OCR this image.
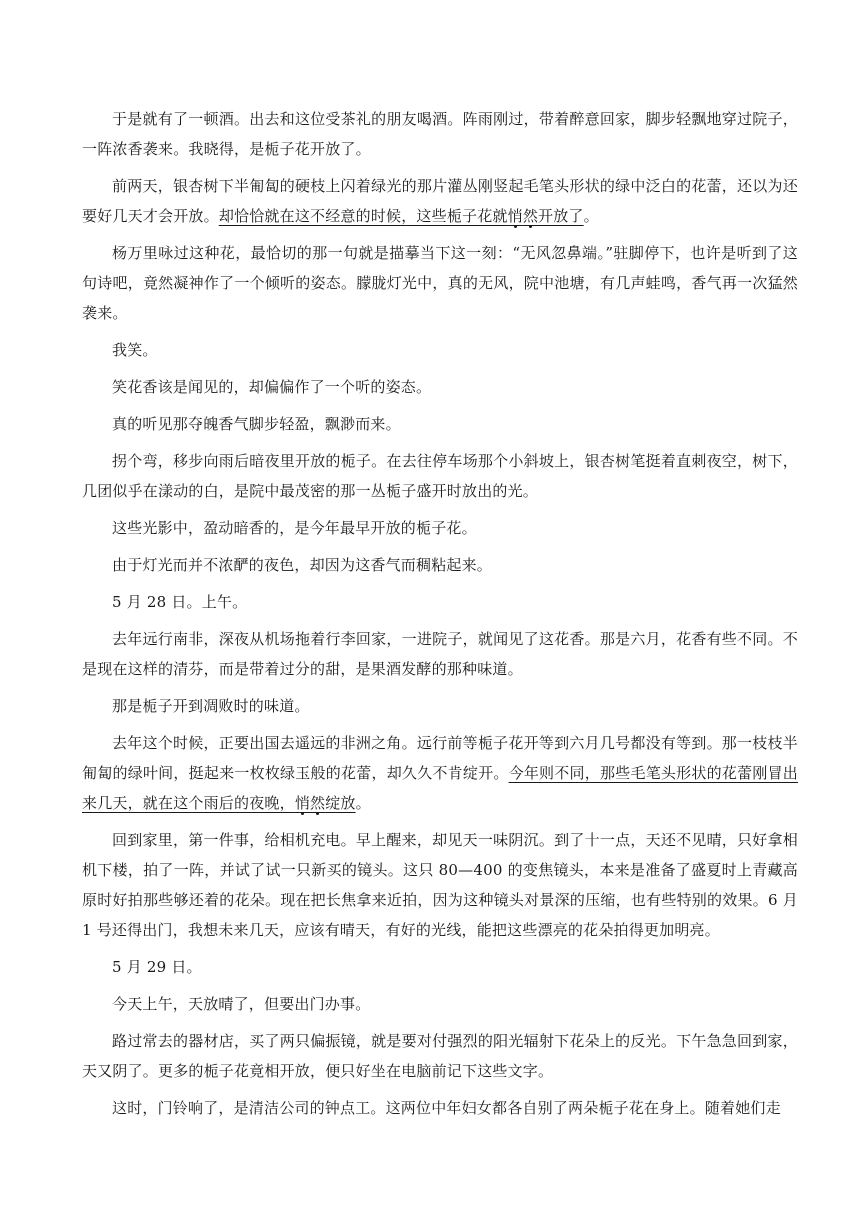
于是就有了一顿酒。出去和这位受茶礼的朋友喝酒。阵雨刚过，带着醉意回家，脚步轻飘地穿过院子，一阵浓香袭来。我晓得，是栀子花开放了。

前两天，银杏树下半匍匐的硬枝上闪着绿光的那片灌丛刚竖起毛笔头形状的绿中泛白的花蕾，还以为还要好几天才会开放。却恰恰就在这不经意的时候，这些栀子花就悄然开放了。

杨万里咏过这种花，最恰切的那一句就是描摹当下这一刻：“无风忽鼻端。”驻脚停下，也许是听到了这句诗吧，竟然凝神作了一个倾听的姿态。朦胧灯光中，真的无风，院中池塘，有几声蛙鸣，香气再一次猛然袭来。

我笑。

笑花香该是闻见的，却偏偏作了一个听的姿态。

真的听见那夺魄香气脚步轻盈，飘渺而来。

拐个弯，移步向雨后暗夜里开放的栀子。在去往停车场那个小斜坡上，银杏树笔挺着直刺夜空，树下，几团似乎在漾动的白，是院中最茂密的那一丛栀子盛开时放出的光。

这些光影中，盈动暗香的，是今年最早开放的栀子花。

由于灯光而并不浓酽的夜色，却因为这香气而稠粘起来。

5 月 28 日。上午。

去年远行南非，深夜从机场拖着行李回家，一进院子，就闻见了这花香。那是六月，花香有些不同。不是现在这样的清芬，而是带着过分的甜，是果酒发酵的那种味道。

那是栀子开到凋败时的味道。

去年这个时候，正要出国去遥远的非洲之角。远行前等栀子花开等到六月几号都没有等到。那一枝枝半匍匐的绿叶间，挺起来一枚枚绿玉般的花蕾，却久久不肯绽开。今年则不同，那些毛笔头形状的花蕾刚冒出来几天，就在这个雨后的夜晚，悄然绽放。

回到家里，第一件事，给相机充电。早上醒来，却见天一味阴沉。到了十一点，天还不见晴，只好拿相机下楼，拍了一阵，并试了试一只新买的镜头。这只 80—400 的变焦镜头，本来是准备了盛夏时上青藏高原时好拍那些够还着的花朵。现在把长焦拿来近拍，因为这种镜头对景深的压缩，也有些特别的效果。6 月 1 号还得出门，我想未来几天，应该有晴天，有好的光线，能把这些漂亮的花朵拍得更加明亮。

5 月 29 日。

今天上午，天放晴了，但要出门办事。

路过常去的器材店，买了两只偏振镜，就是要对付强烈的阳光辐射下花朵上的反光。下午急急回到家，天又阴了。更多的栀子花竟相开放，便只好坐在电脑前记下这些文字。

这时，门铃响了，是清洁公司的钟点工。这两位中年妇女都各自别了两朵栀子花在身上。随着她们走
